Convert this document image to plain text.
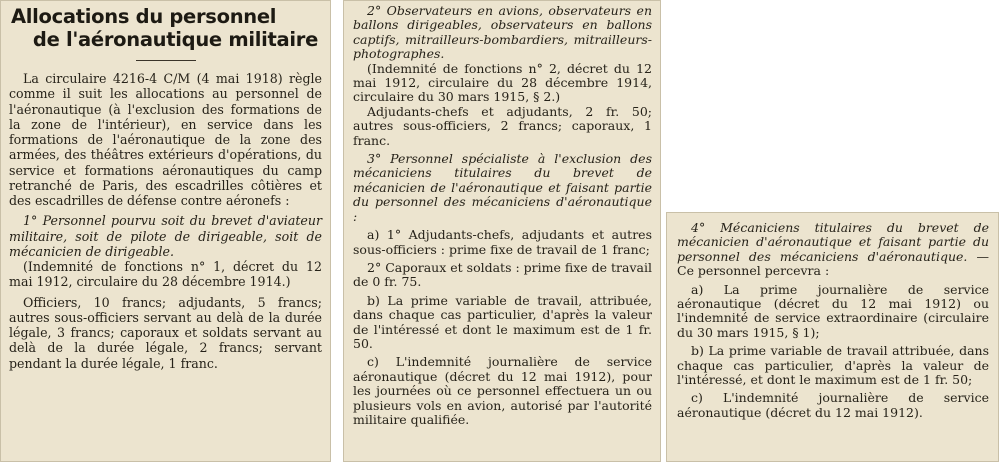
Allocations du personnel
de l'aéronautique militaire

La circulaire 4216-4 C/M (4 mai 1918) règle comme il suit les allocations au personnel de l'aéronautique (à l'exclusion des formations de la zone de l'intérieur), en service dans les formations de l'aéronautique de la zone des armées, des théâtres extérieurs d'opérations, du service et formations aéronautiques du camp retranché de Paris, des escadrilles côtières et des escadrilles de défense contre aéronefs :

1° Personnel pourvu soit du brevet d'aviateur militaire, soit de pilote de dirigeable, soit de mécanicien de dirigeable.

(Indemnité de fonctions n° 1, décret du 12 mai 1912, circulaire du 28 décembre 1914.)

Officiers, 10 francs; adjudants, 5 francs; autres sous-officiers servant au delà de la durée légale, 3 francs; caporaux et soldats servant au delà de la durée légale, 2 francs; servant pendant la durée légale, 1 franc.

2° Observateurs en avions, observateurs en ballons dirigeables, observateurs en ballons captifs, mitrailleurs-bombardiers, mitrailleurs-photographes.

(Indemnité de fonctions n° 2, décret du 12 mai 1912, circulaire du 28 décembre 1914, circulaire du 30 mars 1915, § 2.)

Adjudants-chefs et adjudants, 2 fr. 50; autres sous-officiers, 2 francs; caporaux, 1 franc.

3° Personnel spécialiste à l'exclusion des mécaniciens titulaires du brevet de mécanicien de l'aéronautique et faisant partie du personnel des mécaniciens d'aéronautique :

a) 1° Adjudants-chefs, adjudants et autres sous-officiers : prime fixe de travail de 1 franc;

2° Caporaux et soldats : prime fixe de travail de 0 fr. 75.

b) La prime variable de travail, attribuée, dans chaque cas particulier, d'après la valeur de l'intéressé et dont le maximum est de 1 fr. 50.

c) L'indemnité journalière de service aéronautique (décret du 12 mai 1912), pour les journées où ce personnel effectuera un ou plusieurs vols en avion, autorisé par l'autorité militaire qualifiée.

4° Mécaniciens titulaires du brevet de mécanicien d'aéronautique et faisant partie du personnel des mécaniciens d'aéronautique. — Ce personnel percevra :

a) La prime journalière de service aéronautique (décret du 12 mai 1912) ou l'indemnité de service extraordinaire (circulaire du 30 mars 1915, § 1);

b) La prime variable de travail attribuée, dans chaque cas particulier, d'après la valeur de l'intéressé, et dont le maximum est de 1 fr. 50;

c) L'indemnité journalière de service aéronautique (décret du 12 mai 1912).
